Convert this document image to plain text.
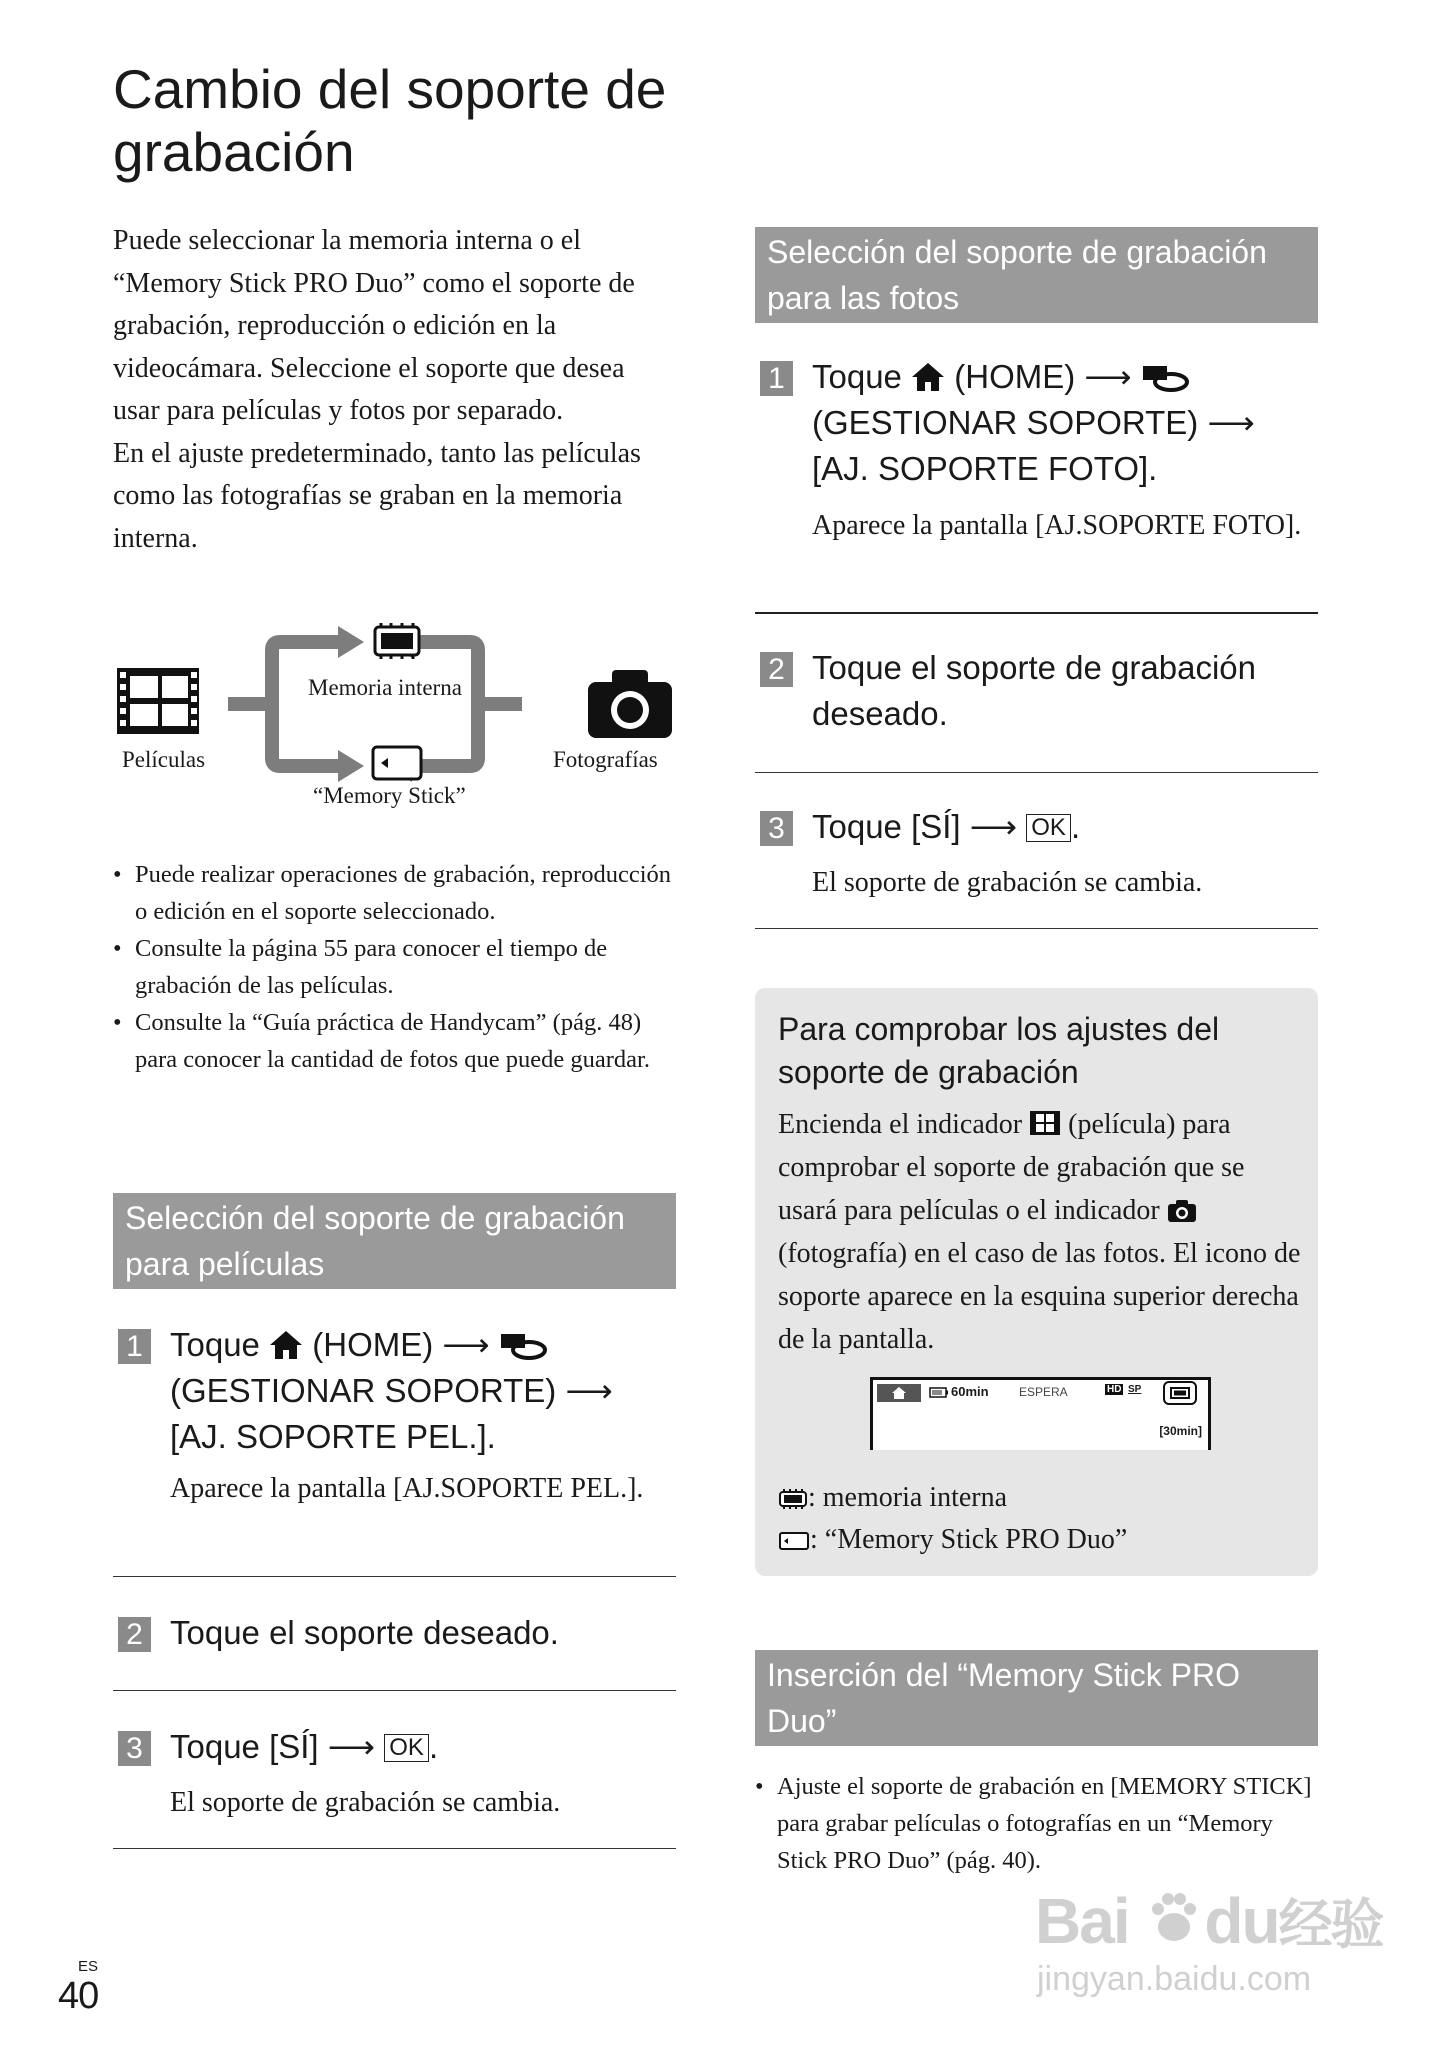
Cambio del soporte de grabación
Puede seleccionar la memoria interna o el “Memory Stick PRO Duo” como el soporte de grabación, reproducción o edición en la videocámara. Seleccione el soporte que desea usar para películas y fotos por separado.
En el ajuste predeterminado, tanto las películas como las fotografías se graban en la memoria interna.
Películas
Memoria interna
“Memory Stick”
Fotografías
• Puede realizar operaciones de grabación, reproducción o edición en el soporte seleccionado.
• Consulte la página 55 para conocer el tiempo de grabación de las películas.
• Consulte la “Guía práctica de Handycam” (pág. 48) para conocer la cantidad de fotos que puede guardar.
Selección del soporte de grabación para películas
1 Toque (HOME) ⟶  (GESTIONAR SOPORTE) ⟶ [AJ. SOPORTE PEL.].
Aparece la pantalla [AJ.SOPORTE PEL.].
2 Toque el soporte deseado.
3 Toque [SÍ] ⟶ OK .
El soporte de grabación se cambia.
Selección del soporte de grabación para las fotos
1 Toque (HOME) ⟶  (GESTIONAR SOPORTE) ⟶ [AJ. SOPORTE FOTO].
Aparece la pantalla [AJ.SOPORTE FOTO].
2 Toque el soporte de grabación deseado.
3 Toque [SÍ] ⟶ OK .
El soporte de grabación se cambia.
Para comprobar los ajustes del soporte de grabación
Encienda el indicador (película) para comprobar el soporte de grabación que se usará para películas o el indicador  (fotografía) en el caso de las fotos. El icono de soporte aparece en la esquina superior derecha de la pantalla.
60min	ESPERA	HD SP
[30min]
: memoria interna
: “Memory Stick PRO Duo”
Inserción del “Memory Stick PRO Duo”
• Ajuste el soporte de grabación en [MEMORY STICK] para grabar películas o fotografías en un “Memory Stick PRO Duo” (pág. 40).
ES
40
Bai du经验
jingyan.baidu.com
